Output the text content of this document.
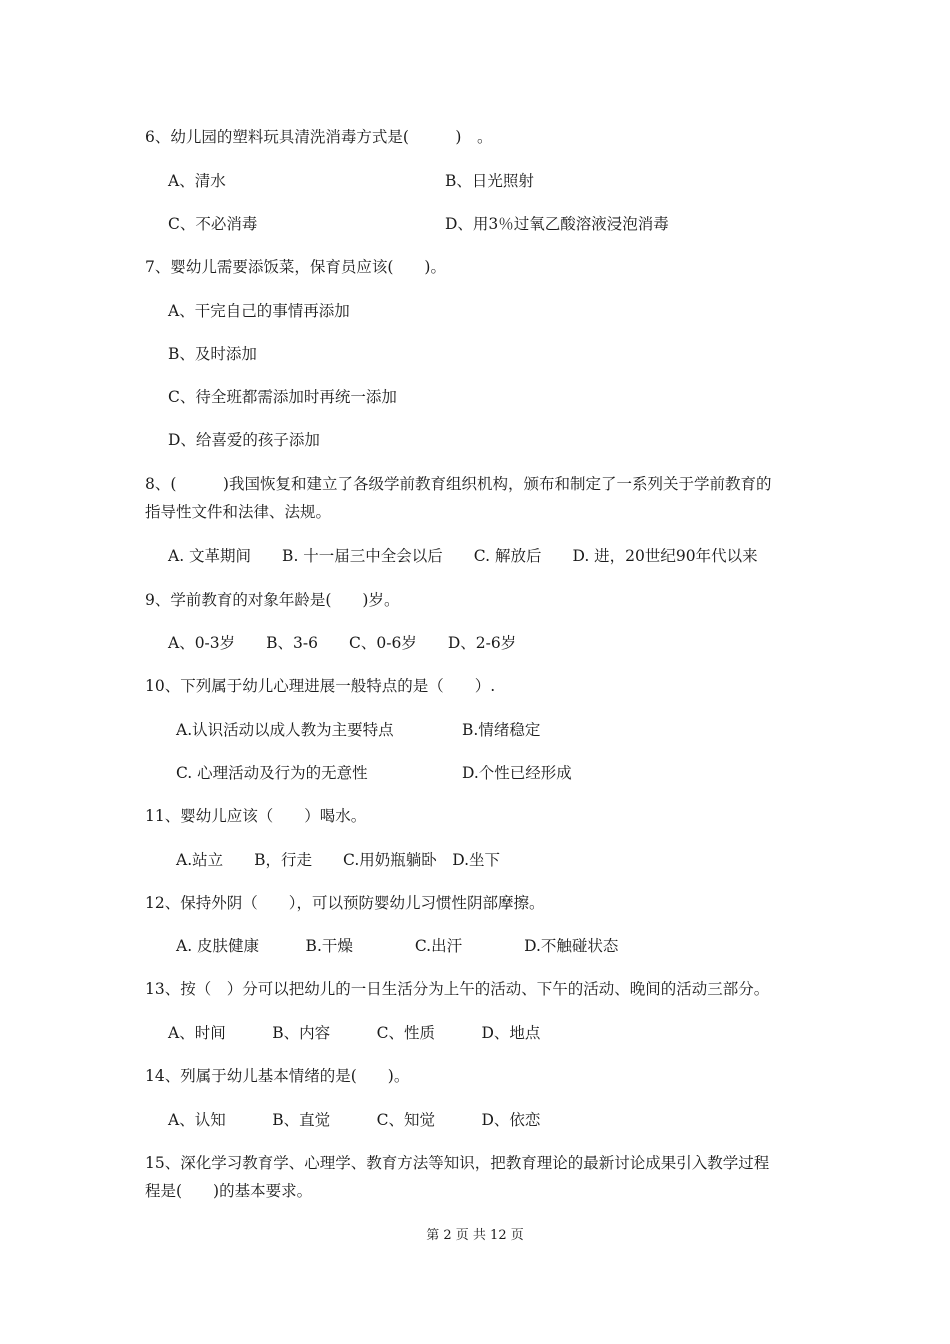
6、幼儿园的塑料玩具清洗消毒方式是(　　　)　。
A、清水	B、日光照射
C、不必消毒	D、用3％过氧乙酸溶液浸泡消毒
7、婴幼儿需要添饭菜，保育员应该(　　)。
A、干完自己的事情再添加
B、及时添加
C、待全班都需添加时再统一添加
D、给喜爱的孩子添加
8、(　　　)我国恢复和建立了各级学前教育组织机构，颁布和制定了一系列关于学前教育的
指导性文件和法律、法规。
A. 文革期间　　B. 十一届三中全会以后　　C. 解放后　　D. 进，20世纪90年代以来
9、学前教育的对象年龄是(　　)岁。
A、0-3岁　　B、3-6　　C、0-6岁　　D、2-6岁
10、下列属于幼儿心理进展一般特点的是（　　）.
A.认识活动以成人教为主要特点	B.情绪稳定
C. 心理活动及行为的无意性	D.个性已经形成
11、婴幼儿应该（　　）喝水。
A.站立　　B，行走　　C.用奶瓶躺卧　D.坐下
12、保持外阴（　　），可以预防婴幼儿习惯性阴部摩擦。
A. 皮肤健康　　　B.干燥　　　　C.出汗　　　　D.不触碰状态
13、按（　）分可以把幼儿的一日生活分为上午的活动、下午的活动、晚间的活动三部分。
A、时间　　　B、内容　　　C、性质　　　D、地点
14、列属于幼儿基本情绪的是(　　)。
A、认知　　　B、直觉　　　C、知觉　　　D、依恋
15、深化学习教育学、心理学、教育方法等知识，把教育理论的最新讨论成果引入教学过程
程是(　　)的基本要求。
第 2 页 共 12 页
